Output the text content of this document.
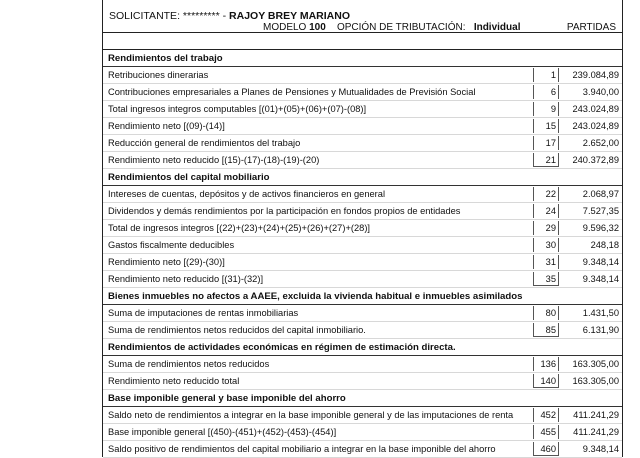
SOLICITANTE: ********* - RAJOY BREY MARIANO
MODELO 100 OPCIÓN DE TRIBUTACIÓN: Individual	PARTIDAS
Rendimientos del trabajo
Retribuciones dinerarias	1	239.084,89
Contribuciones empresariales a Planes de Pensiones y Mutualidades de Previsión Social	6	3.940,00
Total ingresos integros computables [(01)+(05)+(06)+(07)-(08)]	9	243.024,89
Rendimiento neto [(09)-(14)]	15	243.024,89
Reducción general de rendimientos del trabajo	17	2.652,00
Rendimiento neto reducido [(15)-(17)-(18)-(19)-(20)	21	240.372,89
Rendimientos del capital mobiliario
Intereses de cuentas, depósitos y de activos financieros en general	22	2.068,97
Dividendos y demás rendimientos por la participación en fondos propios de entidades	24	7.527,35
Total de ingresos integros [(22)+(23)+(24)+(25)+(26)+(27)+(28)]	29	9.596,32
Gastos fiscalmente deducibles	30	248,18
Rendimiento neto [(29)-(30)]	31	9.348,14
Rendimiento neto reducido [(31)-(32)]	35	9.348,14
Bienes inmuebles no afectos a AAEE, excluida la vivienda habitual e inmuebles asimilados
Suma de imputaciones de rentas inmobiliarias	80	1.431,50
Suma de rendimientos netos reducidos del capital inmobiliario.	85	6.131,90
Rendimientos de actividades económicas en régimen de estimación directa.
Suma de rendimientos netos reducidos	136	163.305,00
Rendimiento neto reducido total	140	163.305,00
Base imponible general y base imponible del ahorro
Saldo neto de rendimientos a integrar en la base imponible general y de las imputaciones de renta	452	411.241,29
Base imponible general [(450)-(451)+(452)-(453)-(454)]	455	411.241,29
Saldo positivo de rendimientos del capital mobiliario a integrar en la base imponible del ahorro	460	9.348,14
